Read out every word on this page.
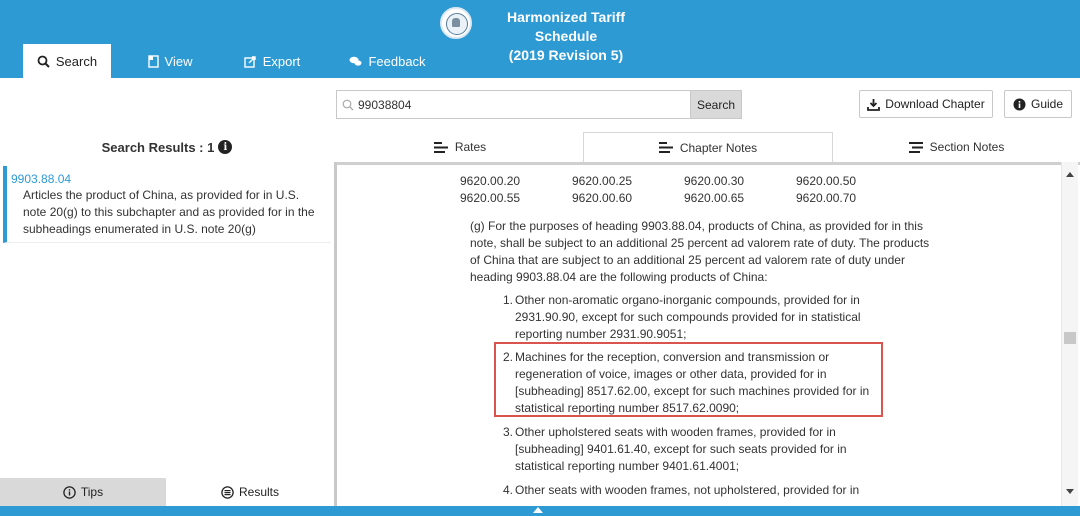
Harmonized Tariff Schedule
(2019 Revision 5)
Search	View	Export	Feedback
99038804
Search	Download Chapter	Guide
Search Results : 1 i	Rates	Chapter Notes	Section Notes
9903.88.04
Articles the product of China, as provided for in U.S. note 20(g) to this subchapter and as provided for in the subheadings enumerated in U.S. note 20(g)
Tips	Results
9620.00.20	9620.00.25	9620.00.30	9620.00.50
9620.00.55	9620.00.60	9620.00.65	9620.00.70
(g) For the purposes of heading 9903.88.04, products of China, as provided for in this note, shall be subject to an additional 25 percent ad valorem rate of duty. The products of China that are subject to an additional 25 percent ad valorem rate of duty under heading 9903.88.04 are the following products of China:
1. Other non-aromatic organo-inorganic compounds, provided for in 2931.90.90, except for such compounds provided for in statistical reporting number 2931.90.9051;
2. Machines for the reception, conversion and transmission or regeneration of voice, images or other data, provided for in [subheading] 8517.62.00, except for such machines provided for in statistical reporting number 8517.62.0090;
3. Other upholstered seats with wooden frames, provided for in [subheading] 9401.61.40, except for such seats provided for in statistical reporting number 9401.61.4001;
4. Other seats with wooden frames, not upholstered, provided for in
